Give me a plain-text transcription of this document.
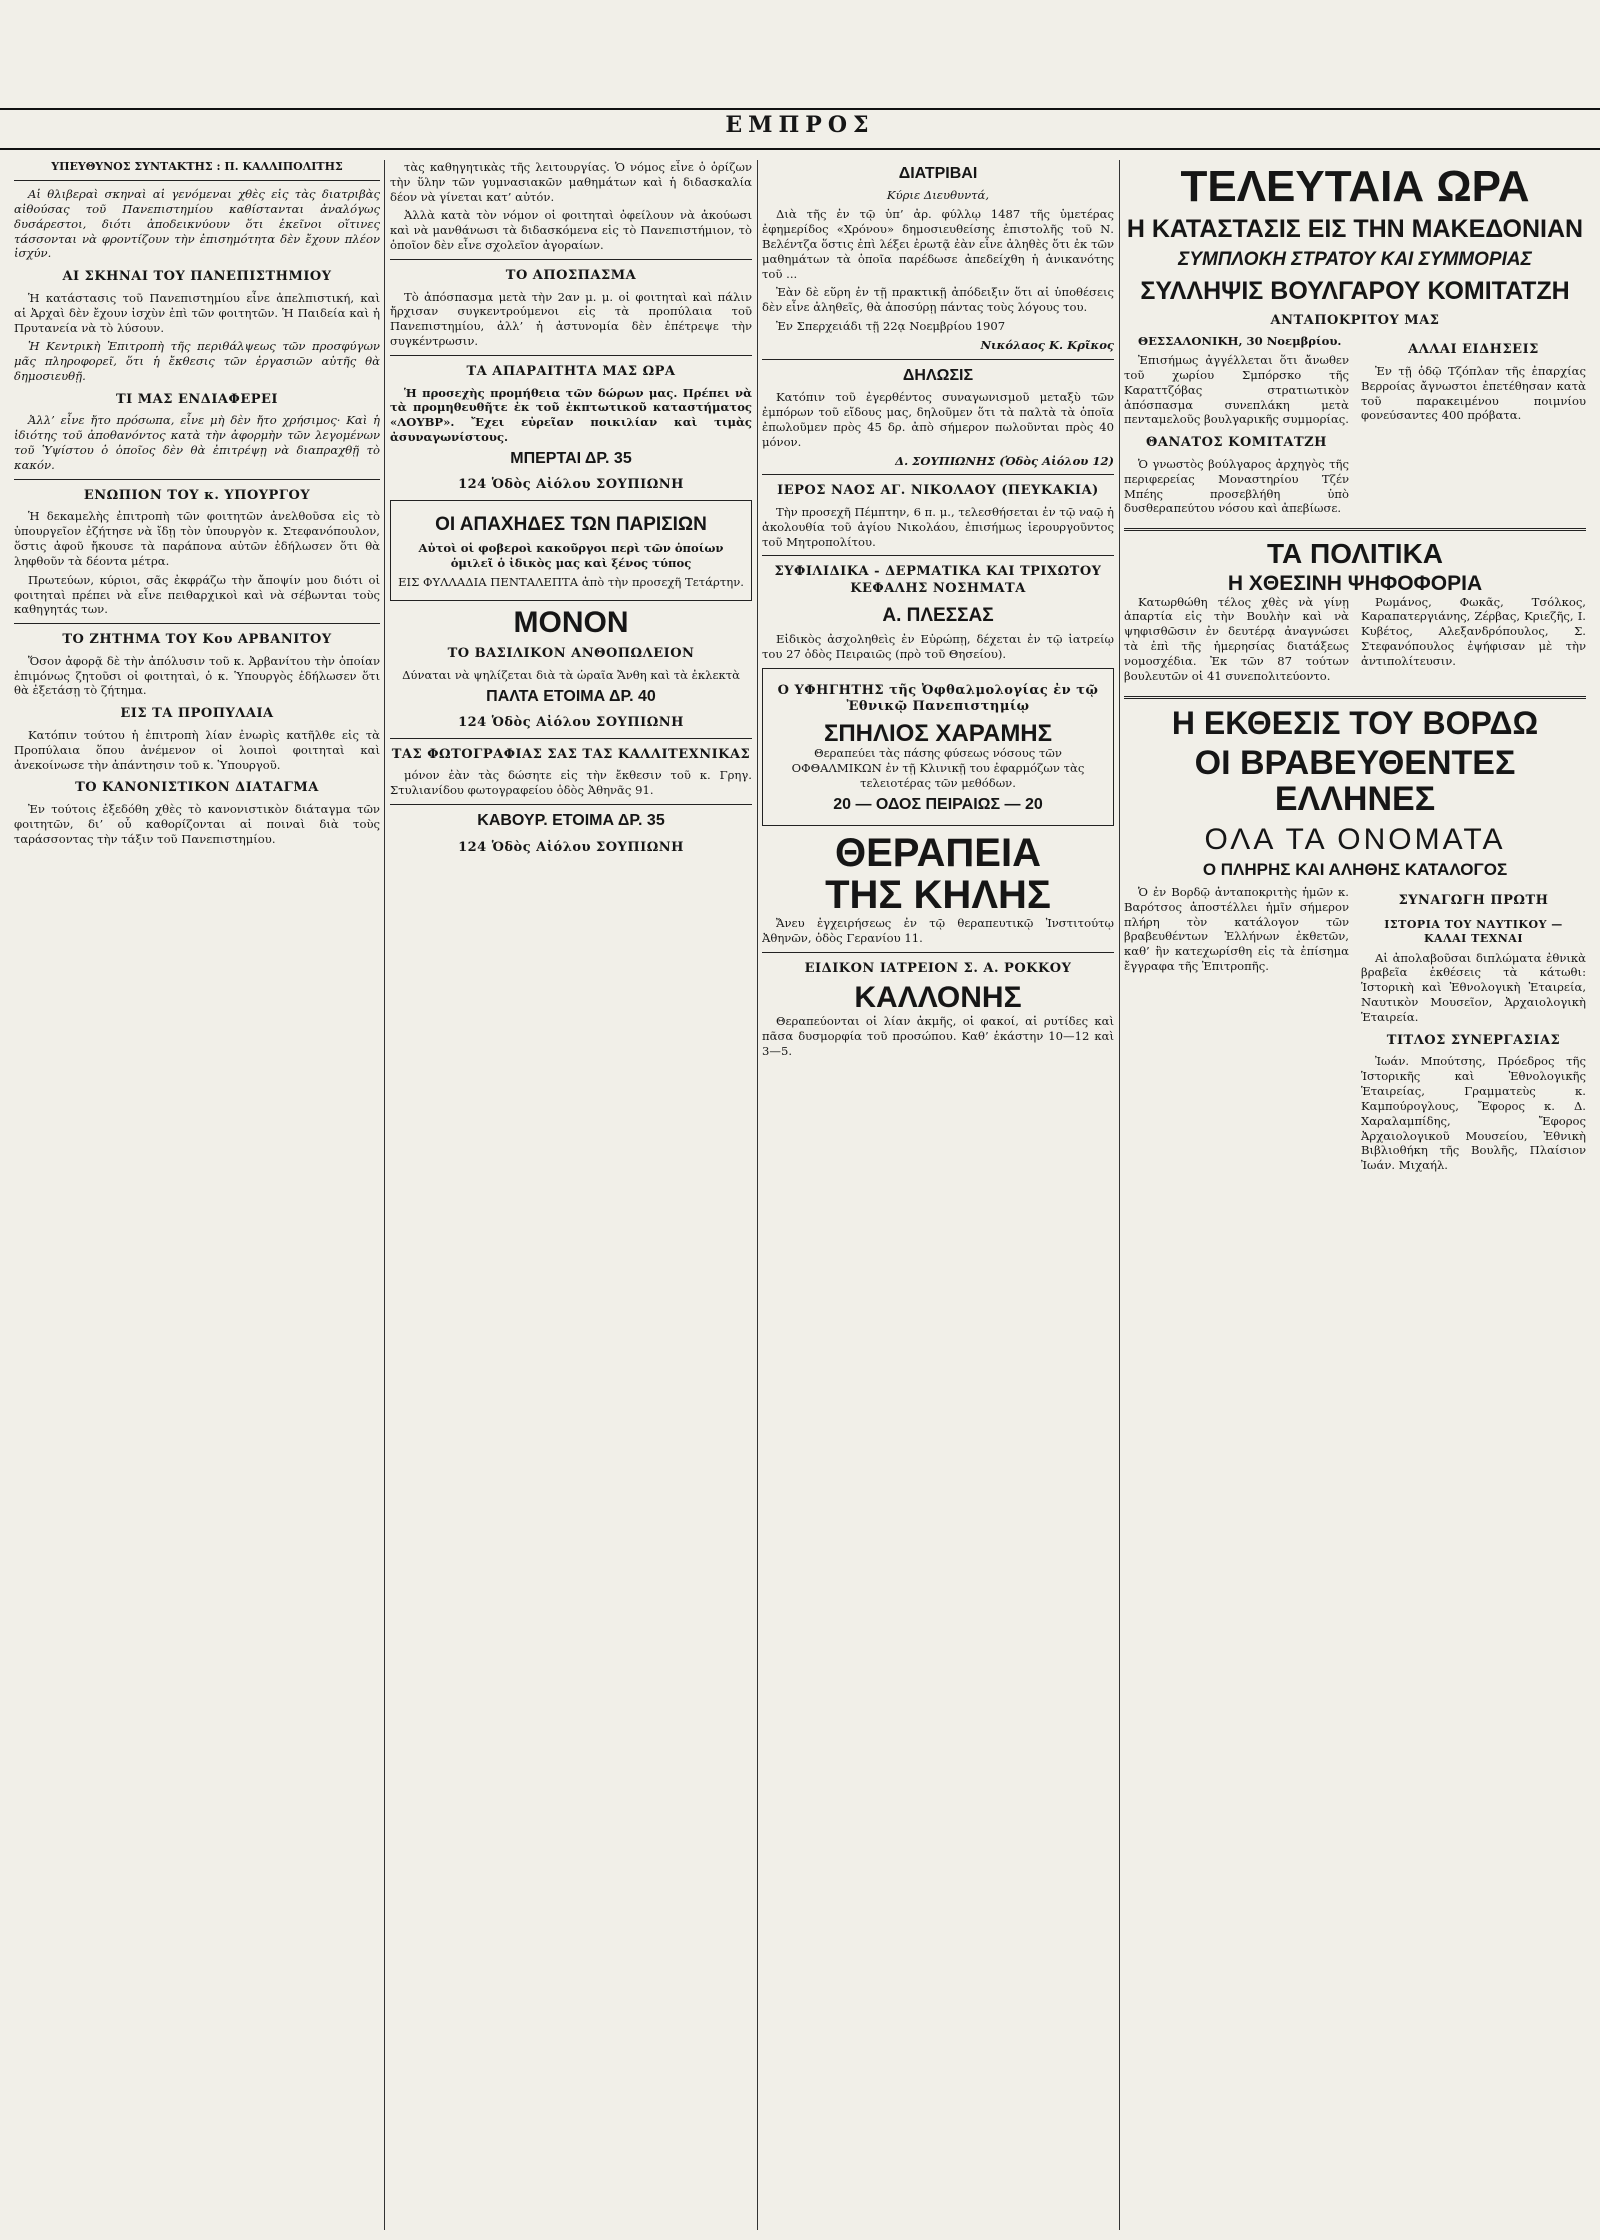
ΕΜΠΡΟΣ
ΥΠΕΥΘΥΝΟΣ ΣΥΝΤΑΚΤΗΣ : Π. ΚΑΛΛΙΠΟΛΙΤΗΣ

Αἱ θλιβεραὶ σκηναὶ αἱ γενόμεναι χθὲς εἰς τὰς διατριβὰς αἰθούσας τοῦ Πανεπιστημίου καθίστανται ἀναλόγως δυσάρεστοι, διότι ἀποδεικνύουν ὅτι ἐκεῖνοι οἵτινες τάσσονται νὰ φροντίζουν τὴν ἐπισημότητα δὲν ἔχουν πλέον ἰσχύν.

ΑΙ ΣΚΗΝΑΙ ΤΟΥ ΠΑΝΕΠΙΣΤΗΜΙΟΥ

Ἡ κατάστασις τοῦ Πανεπιστημίου εἶνε ἀπελπιστική, καὶ αἱ Ἀρχαὶ δὲν ἔχουν ἰσχὺν ἐπὶ τῶν φοιτητῶν. Ἡ Παιδεία καὶ ἡ Πρυτανεία νὰ τὸ λύσουν.

Ἡ Κεντρικὴ Ἐπιτροπὴ τῆς περιθάλψεως τῶν προσφύγων μᾶς πληροφορεῖ, ὅτι ἡ ἔκθεσις τῶν ἐργασιῶν αὐτῆς θὰ δημοσιευθῇ.

ΤΙ ΜΑΣ ΕΝΔΙΑΦΕΡΕΙ

Ἀλλ’ εἶνε ἤτο πρόσωπα, εἶνε μὴ δὲν ἤτο χρήσιμος· Καὶ ἡ ἰδιότης τοῦ ἀποθανόντος κατὰ τὴν ἀφορμὴν τῶν λεγομένων τοῦ Ὑψίστου ὁ ὁποῖος δὲν θὰ ἐπιτρέψῃ νὰ διαπραχθῇ τὸ κακόν.

ΕΝΩΠΙΟΝ ΤΟΥ κ. ΥΠΟΥΡΓΟΥ

Ἡ δεκαμελὴς ἐπιτροπὴ τῶν φοιτητῶν ἀνελθοῦσα εἰς τὸ ὑπουργεῖον ἐζήτησε νὰ ἴδῃ τὸν ὑπουργὸν κ. Στεφανόπουλον, ὅστις ἀφοῦ ἤκουσε τὰ παράπονα αὐτῶν ἐδήλωσεν ὅτι θὰ ληφθοῦν τὰ δέοντα μέτρα.

Πρωτεύων, κύριοι, σᾶς ἐκφράζω τὴν ἄποψίν μου διότι οἱ φοιτηταὶ πρέπει νὰ εἶνε πειθαρχικοὶ καὶ νὰ σέβωνται τοὺς καθηγητάς των.

ΤΟ ΖΗΤΗΜΑ ΤΟΥ Κου ΑΡΒΑΝΙΤΟΥ

Ὅσον ἀφορᾷ δὲ τὴν ἀπόλυσιν τοῦ κ. Ἀρβανίτου τὴν ὁποίαν ἐπιμόνως ζητοῦσι οἱ φοιτηταὶ, ὁ κ. Ὑπουργὸς ἐδήλωσεν ὅτι θὰ ἐξετάσῃ τὸ ζήτημα.

ΕΙΣ ΤΑ ΠΡΟΠΥΛΑΙΑ

Κατόπιν τούτου ἡ ἐπιτροπὴ λίαν ἐνωρὶς κατῆλθε εἰς τὰ Προπύλαια ὅπου ἀνέμενον οἱ λοιποὶ φοιτηταὶ καὶ ἀνεκοίνωσε τὴν ἀπάντησιν τοῦ κ. Ὑπουργοῦ.

ΤΟ ΚΑΝΟΝΙΣΤΙΚΟΝ ΔΙΑΤΑΓΜΑ

Ἐν τούτοις ἐξεδόθη χθὲς τὸ κανονιστικὸν διάταγμα τῶν φοιτητῶν, δι’ οὗ καθορίζονται αἱ ποιναὶ διὰ τοὺς ταράσσοντας τὴν τάξιν τοῦ Πανεπιστημίου.

τὰς καθηγητικὰς τῆς λειτουργίας. Ὁ νόμος εἶνε ὁ ὁρίζων τὴν ὕλην τῶν γυμνασιακῶν μαθημάτων καὶ ἡ διδασκαλία δέον νὰ γίνεται κατ’ αὐτόν.

Ἀλλὰ κατὰ τὸν νόμον οἱ φοιτηταὶ ὀφείλουν νὰ ἀκούωσι καὶ νὰ μανθάνωσι τὰ διδασκόμενα εἰς τὸ Πανεπιστήμιον, τὸ ὁποῖον δὲν εἶνε σχολεῖον ἀγοραίων.

ΤΟ ΑΠΟΣΠΑΣΜΑ

Τὸ ἀπόσπασμα μετὰ τὴν 2αν μ. μ. οἱ φοιτηταὶ καὶ πάλιν ἤρχισαν συγκεντρούμενοι εἰς τὰ προπύλαια τοῦ Πανεπιστημίου, ἀλλ’ ἡ ἀστυνομία δὲν ἐπέτρεψε τὴν συγκέντρωσιν.

ΤΑ ΑΠΑΡΑΙΤΗΤΑ ΜΑΣ ΩΡΑ

Ἡ προσεχὴς προμήθεια τῶν δώρων μας. Πρέπει νὰ τὰ προμηθευθῆτε ἐκ τοῦ ἐκπτωτικοῦ καταστήματος «ΛΟΥΒΡ». Ἔχει εὐρεῖαν ποικιλίαν καὶ τιμὰς ἀσυναγωνίστους.

ΜΠΕΡΤΑΙ ΔΡ. 35
124 Ὁδὸς Αἰόλου ΣΟΥΠΙΩΝΗ
ΟΙ ΑΠΑΧΗΔΕΣ ΤΩΝ ΠΑΡΙΣΙΩΝ

Αὐτοὶ οἱ φοβεροὶ κακοῦργοι περὶ τῶν ὁποίων ὁμιλεῖ ὁ ἰδικὸς μας καὶ ξένος τύπος

ΕΙΣ ΦΥΛΛΑΔΙΑ ΠΕΝΤΑΛΕΠΤΑ ἀπὸ τὴν προσεχῆ Τετάρτην.

ΜΟΝΟΝ
ΤΟ ΒΑΣΙΛΙΚΟΝ ΑΝΘΟΠΩΛΕΙΟΝ

Δύναται νὰ ψηλίζεται διὰ τὰ ὡραῖα Ἄνθη καὶ τὰ ἐκλεκτὰ

ΠΑΛΤΑ ΕΤΟΙΜΑ ΔΡ. 40
124 Ὁδὸς Αἰόλου ΣΟΥΠΙΩΝΗ
ΤΑΣ ΦΩΤΟΓΡΑΦΙΑΣ ΣΑΣ ΤΑΣ ΚΑΛΛΙΤΕΧΝΙΚΑΣ

μόνον ἐὰν τὰς δώσητε εἰς τὴν ἔκθεσιν τοῦ κ. Γρηγ. Στυλιανίδου φωτογραφείου ὁδὸς Ἀθηνᾶς 91.

ΚΑΒΟΥΡ. ΕΤΟΙΜΑ ΔΡ. 35
124 Ὁδὸς Αἰόλου ΣΟΥΠΙΩΝΗ
ΔΙΑΤΡΙΒΑΙ

Κύριε Διευθυντά,

Διὰ τῆς ἐν τῷ ὑπ’ ἀρ. φύλλῳ 1487 τῆς ὑμετέρας ἐφημερίδος «Χρόνου» δημοσιευθείσης ἐπιστολῆς τοῦ Ν. Βελέντζα ὅστις ἐπὶ λέξει ἐρωτᾷ ἐὰν εἶνε ἀληθὲς ὅτι ἐκ τῶν μαθημάτων τὰ ὁποῖα παρέδωσε ἀπεδείχθη ἡ ἀνικανότης τοῦ ...

Ἐὰν δὲ εὕρη ἐν τῇ πρακτικῇ ἀπόδειξιν ὅτι αἱ ὑποθέσεις δὲν εἶνε ἀληθεῖς, θὰ ἀποσύρῃ πάντας τοὺς λόγους του.

Ἐν Σπερχειάδι τῇ 22ᾳ Νοεμβρίου 1907

Νικόλαος Κ. Κρῖκος
ΔΗΛΩΣΙΣ

Κατόπιν τοῦ ἐγερθέντος συναγωνισμοῦ μεταξὺ τῶν ἐμπόρων τοῦ εἴδους μας, δηλοῦμεν ὅτι τὰ παλτὰ τὰ ὁποῖα ἐπωλοῦμεν πρὸς 45 δρ. ἀπὸ σήμερον πωλοῦνται πρὸς 40 μόνον.

Δ. ΣΟΥΠΙΩΝΗΣ (Ὁδὸς Αἰόλου 12)
ΙΕΡΟΣ ΝΑΟΣ ΑΓ. ΝΙΚΟΛΑΟΥ (ΠΕΥΚΑΚΙΑ)

Τὴν προσεχῆ Πέμπτην, 6 π. μ., τελεσθήσεται ἐν τῷ ναῷ ἡ ἀκολουθία τοῦ ἁγίου Νικολάου, ἐπισήμως ἱερουργοῦντος τοῦ Μητροπολίτου.

ΣΥΦΙΛΙΔΙΚΑ - ΔΕΡΜΑΤΙΚΑ ΚΑΙ ΤΡΙΧΩΤΟΥ ΚΕΦΑΛΗΣ ΝΟΣΗΜΑΤΑ
Α. ΠΛΕΣΣΑΣ

Εἰδικὸς ἀσχοληθεὶς ἐν Εὐρώπῃ, δέχεται ἐν τῷ ἰατρείῳ του 27 ὁδὸς Πειραιῶς (πρὸ τοῦ Θησείου).

Ο ΥΦΗΓΗΤΗΣ τῆς Ὀφθαλμολογίας ἐν τῷ Ἐθνικῷ Πανεπιστημίῳ
ΣΠΗΛΙΟΣ ΧΑΡΑΜΗΣ

Θεραπεύει τὰς πάσης φύσεως νόσους τῶν ΟΦΘΑΛΜΙΚΩΝ ἐν τῇ Κλινικῇ του ἐφαρμόζων τὰς τελειοτέρας τῶν μεθόδων.

20 — ΟΔΟΣ ΠΕΙΡΑΙΩΣ — 20
ΘΕΡΑΠΕΙΑ
ΤΗΣ ΚΗΛΗΣ

Ἄνευ ἐγχειρήσεως ἐν τῷ θεραπευτικῷ Ἰνστιτούτῳ Ἀθηνῶν, ὁδὸς Γερανίου 11.

ΕΙΔΙΚΟΝ ΙΑΤΡΕΙΟΝ Σ. Α. ΡΟΚΚΟΥ
ΚΑΛΛΟΝΗΣ

Θεραπεύονται οἱ λίαν ἀκμῆς, οἱ φακοί, αἱ ρυτίδες καὶ πᾶσα δυσμορφία τοῦ προσώπου. Καθ’ ἑκάστην 10—12 καὶ 3—5.

ΤΕΛΕΥΤΑΙΑ ΩΡΑ
Η ΚΑΤΑΣΤΑΣΙΣ ΕΙΣ ΤΗΝ ΜΑΚΕΔΟΝΙΑΝ
ΣΥΜΠΛΟΚΗ ΣΤΡΑΤΟΥ ΚΑΙ ΣΥΜΜΟΡΙΑΣ
ΣΥΛΛΗΨΙΣ ΒΟΥΛΓΑΡΟΥ ΚΟΜΙΤΑΤΖΗ
ΑΝΤΑΠΟΚΡΙΤΟΥ ΜΑΣ

ΘΕΣΣΑΛΟΝΙΚΗ, 30 Νοεμβρίου.

Ἐπισήμως ἀγγέλλεται ὅτι ἄνωθεν τοῦ χωρίου Σμπόρσκο τῆς Καραττζόβας στρατιωτικὸν ἀπόσπασμα συνεπλάκη μετὰ πενταμελοῦς βουλγαρικῆς συμμορίας.

ΘΑΝΑΤΟΣ ΚΟΜΙΤΑΤΖΗ

Ὁ γνωστὸς βούλγαρος ἀρχηγὸς τῆς περιφερείας Μοναστηρίου Τζέν Μπέης προσεβλήθη ὑπὸ δυσθεραπεύτου νόσου καὶ ἀπεβίωσε.

ΑΛΛΑΙ ΕΙΔΗΣΕΙΣ

Ἐν τῇ ὁδῷ Τζόπλαν τῆς ἐπαρχίας Βερροίας ἄγνωστοι ἐπετέθησαν κατὰ τοῦ παρακειμένου ποιμνίου φονεύσαντες 400 πρόβατα.

ΤΑ ΠΟΛΙΤΙΚΑ
Η ΧΘΕΣΙΝΗ ΨΗΦΟΦΟΡΙΑ

Κατωρθώθη τέλος χθὲς νὰ γίνῃ ἀπαρτία εἰς τὴν Βουλὴν καὶ νὰ ψηφισθῶσιν ἐν δευτέρᾳ ἀναγνώσει τὰ ἐπὶ τῆς ἡμερησίας διατάξεως νομοσχέδια. Ἐκ τῶν 87 τούτων βουλευτῶν οἱ 41 συνεπολιτεύοντο.

Ρωμάνος, Φωκᾶς, Τσόλκος, Καραπατεργιάνης, Ζέρβας, Κριεζῆς, Ι. Κυβέτος, Αλεξανδρόπουλος, Σ. Στεφανόπουλος ἐψήφισαν μὲ τὴν ἀντιπολίτευσιν.

Η ΕΚΘΕΣΙΣ ΤΟΥ ΒΟΡΔΩ
ΟΙ ΒΡΑΒΕΥΘΕΝΤΕΣ ΕΛΛΗΝΕΣ
ΟΛΑ ΤΑ ΟΝΟΜΑΤΑ
Ο ΠΛΗΡΗΣ ΚΑΙ ΑΛΗΘΗΣ ΚΑΤΑΛΟΓΟΣ

Ὁ ἐν Βορδῷ ἀνταποκριτὴς ἡμῶν κ. Βαρότσος ἀποστέλλει ἡμῖν σήμερον πλήρη τὸν κατάλογον τῶν βραβευθέντων Ἑλλήνων ἐκθετῶν, καθ’ ἣν κατεχωρίσθη εἰς τὰ ἐπίσημα ἔγγραφα τῆς Ἐπιτροπῆς.

ΣΥΝΑΓΩΓΗ ΠΡΩΤΗ
ΙΣΤΟΡΙΑ ΤΟΥ ΝΑΥΤΙΚΟΥ — ΚΑΛΑΙ ΤΕΧΝΑΙ

Αἱ ἀπολαβοῦσαι διπλώματα ἐθνικὰ βραβεῖα ἐκθέσεις τὰ κάτωθι: Ἱστορικὴ καὶ Ἐθνολογικὴ Ἑταιρεία, Ναυτικὸν Μουσεῖον, Ἀρχαιολογικὴ Ἑταιρεία.

ΤΙΤΛΟΣ ΣΥΝΕΡΓΑΣΙΑΣ

Ἰωάν. Μπούτσης, Πρόεδρος τῆς Ἱστορικῆς καὶ Ἐθνολογικῆς Ἑταιρείας, Γραμματεὺς κ. Καμπούρογλους, Ἔφορος κ. Δ. Χαραλαμπίδης, Ἔφορος Ἀρχαιολογικοῦ Μουσείου, Ἐθνικὴ Βιβλιοθήκη τῆς Βουλῆς, Πλαίσιον Ἰωάν. Μιχαήλ.
